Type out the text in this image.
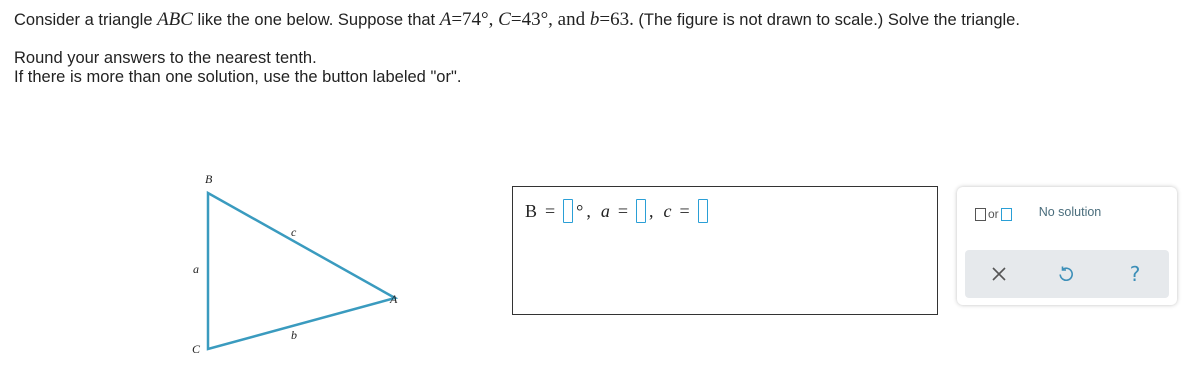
Consider a triangle ABC like the one below. Suppose that A=74°, C=43°, and b=63. (The figure is not drawn to scale.) Solve the triangle.
Round your answers to the nearest tenth.
If there is more than one solution, use the button labeled "or".
B
C
A
a
b
c
B = ° , a = , c =	or	No solution
?
